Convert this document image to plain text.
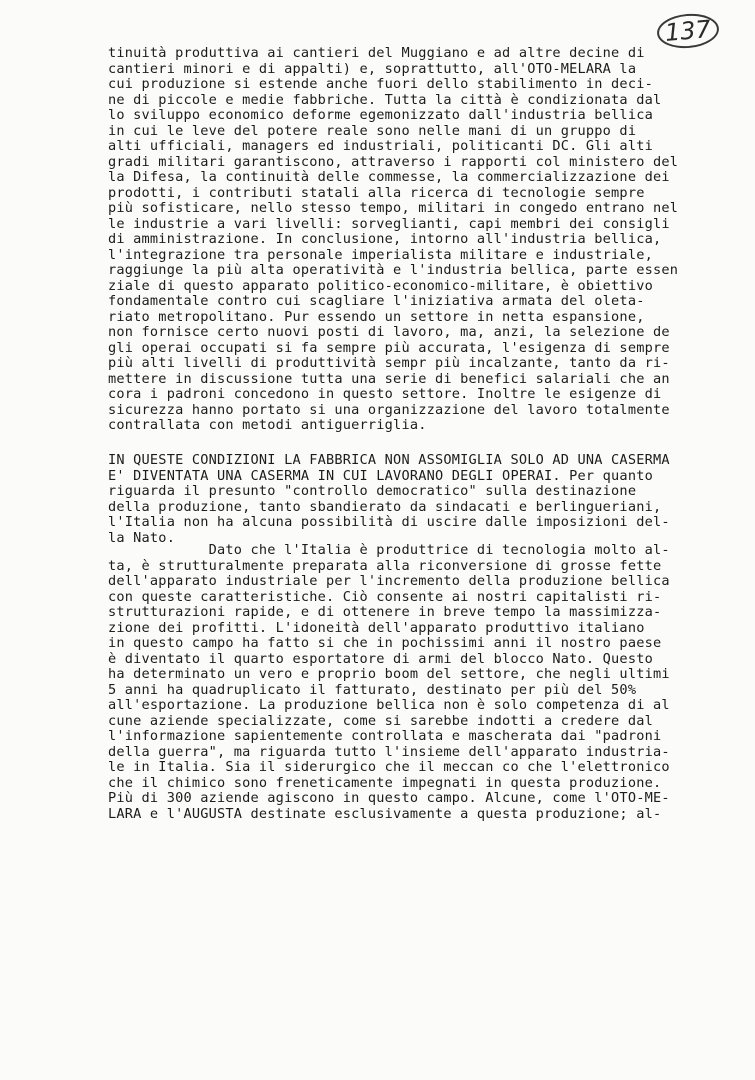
137
tinuità produttiva ai cantieri del Muggiano e ad altre decine di
cantieri minori e di appalti) e, soprattutto, all'OTO-MELARA la
cui produzione si estende anche fuori dello stabilimento in deci-
ne di piccole e medie fabbriche. Tutta la città è condizionata dal
lo sviluppo economico deforme egemonizzato dall'industria bellica
in cui le leve del potere reale sono nelle mani di un gruppo di
alti ufficiali, managers ed industriali, politicanti DC. Gli alti
gradi militari garantiscono, attraverso i rapporti col ministero del
la Difesa, la continuità delle commesse, la commercializzazione dei
prodotti, i contributi statali alla ricerca di tecnologie sempre
più sofisticare, nello stesso tempo, militari in congedo entrano nel
le industrie a vari livelli: sorveglianti, capi membri dei consigli
di amministrazione. In conclusione, intorno all'industria bellica,
l'integrazione tra personale imperialista militare e industriale,
raggiunge la più alta operatività e l'industria bellica, parte essen
ziale di questo apparato politico-economico-militare, è obiettivo
fondamentale contro cui scagliare l'iniziativa armata del oleta-
riato metropolitano. Pur essendo un settore in netta espansione,
non fornisce certo nuovi posti di lavoro, ma, anzi, la selezione de
gli operai occupati si fa sempre più accurata, l'esigenza di sempre
più alti livelli di produttività sempr più incalzante, tanto da ri-
mettere in discussione tutta una serie di benefici salariali che an
cora i padroni concedono in questo settore. Inoltre le esigenze di
sicurezza hanno portato si una organizzazione del lavoro totalmente
contrallata con metodi antiguerriglia.
IN QUESTE CONDIZIONI LA FABBRICA NON ASSOMIGLIA SOLO AD UNA CASERMA
E' DIVENTATA UNA CASERMA IN CUI LAVORANO DEGLI OPERAI. Per quanto
riguarda il presunto "controllo democratico" sulla destinazione
della produzione, tanto sbandierato da sindacati e berlingueriani,
l'Italia non ha alcuna possibilità di uscire dalle imposizioni del-
la Nato.
Dato che l'Italia è produttrice di tecnologia molto al-
ta, è strutturalmente preparata alla riconversione di grosse fette
dell'apparato industriale per l'incremento della produzione bellica
con queste caratteristiche. Ciò consente ai nostri capitalisti ri-
strutturazioni rapide, e di ottenere in breve tempo la massimizza-
zione dei profitti. L'idoneità dell'apparato produttivo italiano
in questo campo ha fatto si che in pochissimi anni il nostro paese
è diventato il quarto esportatore di armi del blocco Nato. Questo
ha determinato un vero e proprio boom del settore, che negli ultimi
5 anni ha quadruplicato il fatturato, destinato per più del 50%
all'esportazione. La produzione bellica non è solo competenza di al
cune aziende specializzate, come si sarebbe indotti a credere dal
l'informazione sapientemente controllata e mascherata dai "padroni
della guerra", ma riguarda tutto l'insieme dell'apparato industria-
le in Italia. Sia il siderurgico che il meccan co che l'elettronico
che il chimico sono freneticamente impegnati in questa produzione.
Più di 300 aziende agiscono in questo campo. Alcune, come l'OTO-ME-
LARA e l'AUGUSTA destinate esclusivamente a questa produzione; al-
